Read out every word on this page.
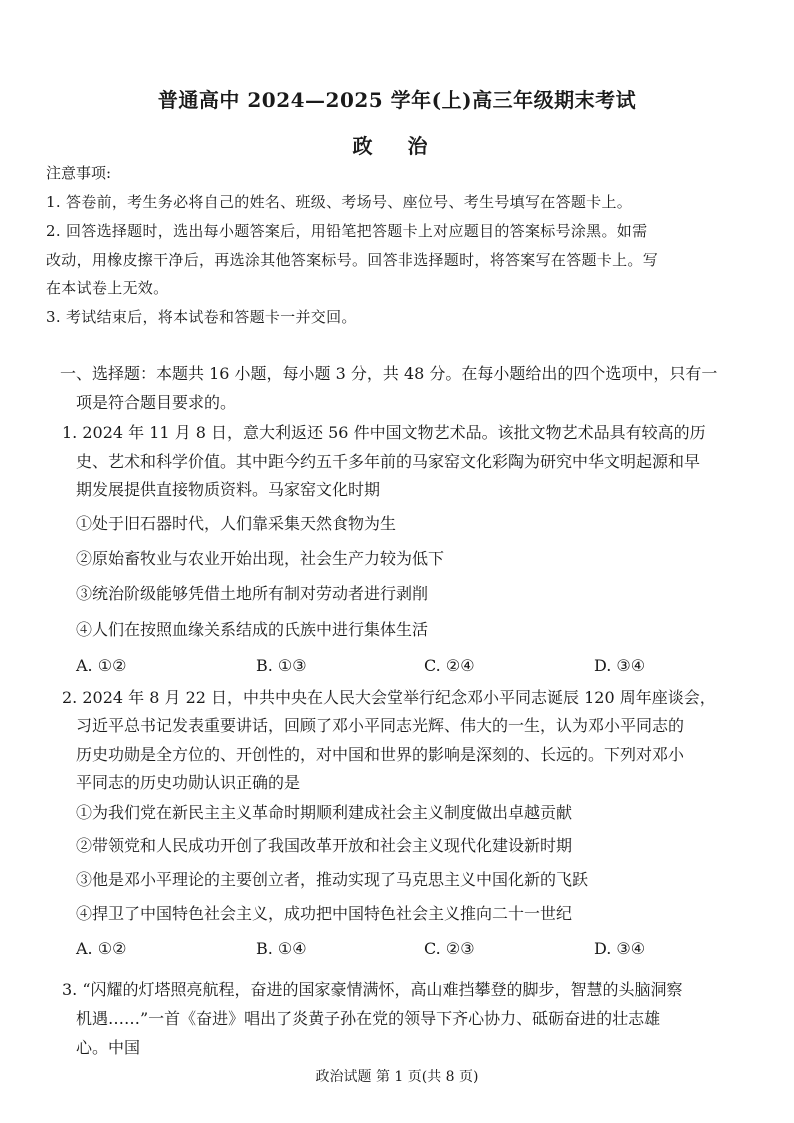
普通高中 2024—2025 学年(上)高三年级期末考试
政 治
注意事项:
1. 答卷前，考生务必将自己的姓名、班级、考场号、座位号、考生号填写在答题卡上。
2. 回答选择题时，选出每小题答案后，用铅笔把答题卡上对应题目的答案标号涂黑。如需
改动，用橡皮擦干净后，再选涂其他答案标号。回答非选择题时，将答案写在答题卡上。写
在本试卷上无效。
3. 考试结束后，将本试卷和答题卡一并交回。
一、选择题：本题共 16 小题，每小题 3 分，共 48 分。在每小题给出的四个选项中，只有一
项是符合题目要求的。
1. 2024 年 11 月 8 日，意大利返还 56 件中国文物艺术品。该批文物艺术品具有较高的历
史、艺术和科学价值。其中距今约五千多年前的马家窑文化彩陶为研究中华文明起源和早
期发展提供直接物质资料。马家窑文化时期
①处于旧石器时代，人们靠采集天然食物为生
②原始畜牧业与农业开始出现，社会生产力较为低下
③统治阶级能够凭借土地所有制对劳动者进行剥削
④人们在按照血缘关系结成的氏族中进行集体生活
A. ①②	B. ①③	C. ②④	D. ③④
2. 2024 年 8 月 22 日，中共中央在人民大会堂举行纪念邓小平同志诞辰 120 周年座谈会，
习近平总书记发表重要讲话，回顾了邓小平同志光辉、伟大的一生，认为邓小平同志的
历史功勋是全方位的、开创性的，对中国和世界的影响是深刻的、长远的。下列对邓小
平同志的历史功勋认识正确的是
①为我们党在新民主主义革命时期顺利建成社会主义制度做出卓越贡献
②带领党和人民成功开创了我国改革开放和社会主义现代化建设新时期
③他是邓小平理论的主要创立者，推动实现了马克思主义中国化新的飞跃
④捍卫了中国特色社会主义，成功把中国特色社会主义推向二十一世纪
A. ①②	B. ①④	C. ②③	D. ③④
3. “闪耀的灯塔照亮航程，奋进的国家豪情满怀，高山难挡攀登的脚步，智慧的头脑洞察
机遇……”一首《奋进》唱出了炎黄子孙在党的领导下齐心协力、砥砺奋进的壮志雄
心。中国
政治试题 第 1 页(共 8 页)
